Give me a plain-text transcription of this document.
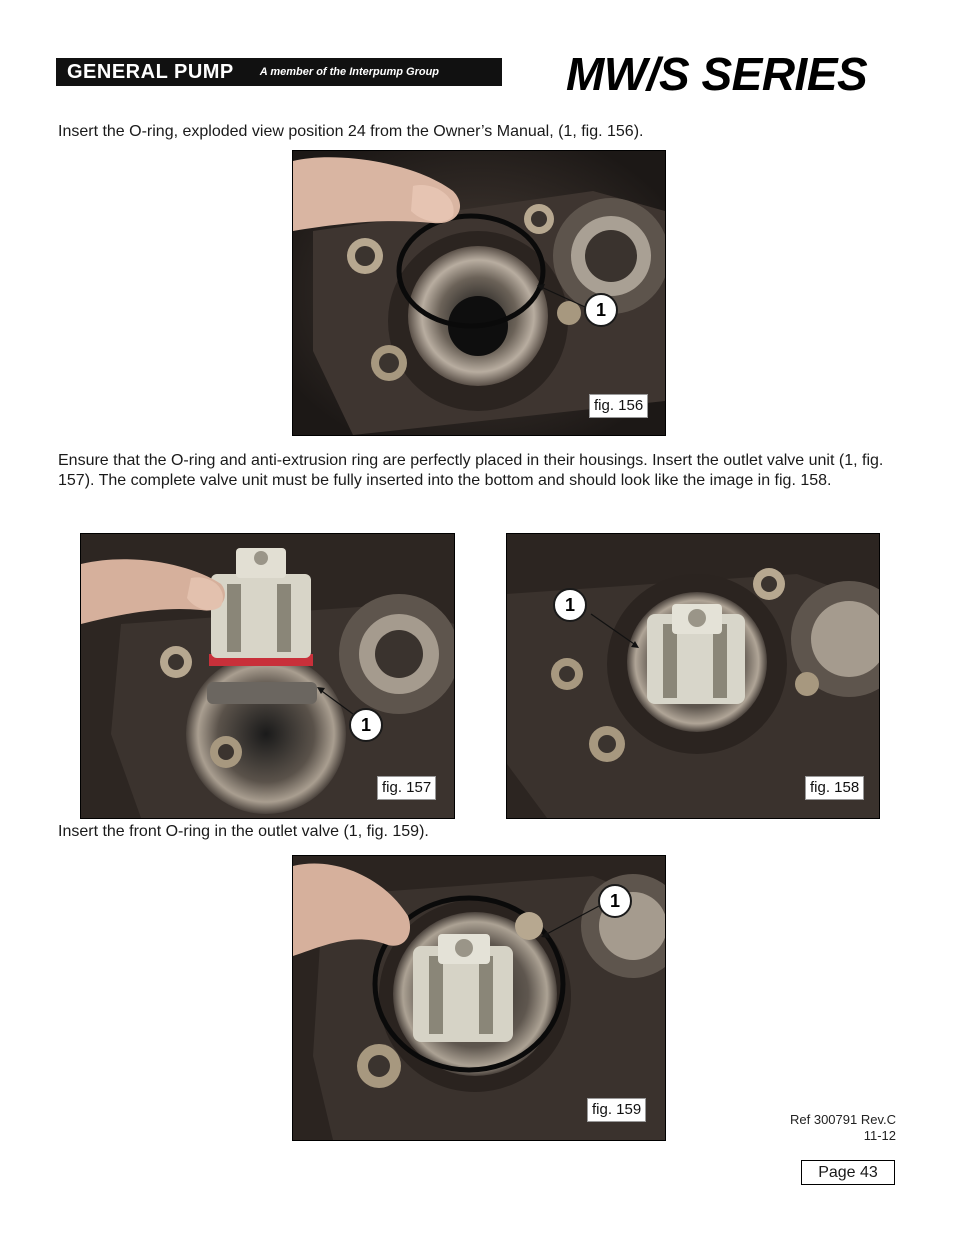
GENERAL PUMP A member of the Interpump Group	MW/S SERIES
Insert the O-ring, exploded view position 24 from the Owner’s Manual, (1, fig. 156).
1
fig. 156
Ensure that the O-ring and anti-extrusion ring are perfectly placed in their housings. Insert the outlet valve unit (1, fig. 157). The complete valve unit must be fully inserted into the bottom and should look like the image in fig. 158.
1
fig. 157
1
fig. 158
Insert the front O-ring in the outlet valve (1, fig. 159).
1
fig. 159
Ref 300791 Rev.C
11-12
Page 43
